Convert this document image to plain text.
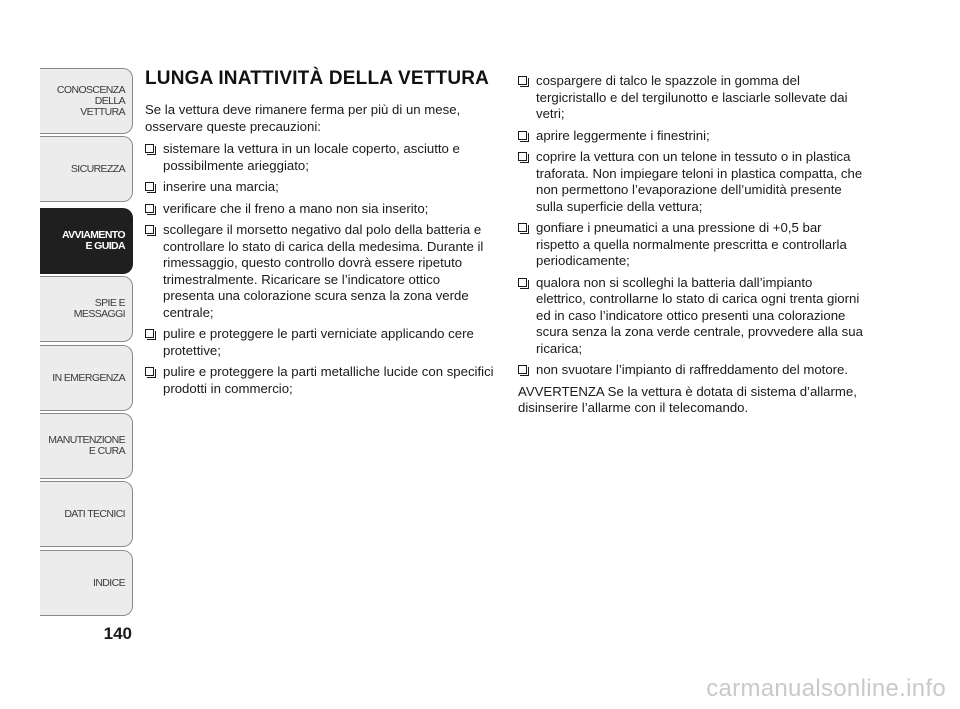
CONOSCENZA
DELLA
VETTURA
SICUREZZA
AVVIAMENTO
E GUIDA
SPIE E
MESSAGGI
IN EMERGENZA
MANUTENZIONE
E CURA
DATI TECNICI
INDICE
140
LUNGA INATTIVITÀ DELLA VETTURA

Se la vettura deve rimanere ferma per più di un mese, osservare queste precauzioni:

sistemare la vettura in un locale coperto, asciutto e possibilmente arieggiato;
inserire una marcia;
verificare che il freno a mano non sia inserito;
scollegare il morsetto negativo dal polo della batteria e controllare lo stato di carica della medesima. Durante il rimessaggio, questo controllo dovrà essere ripetuto trimestralmente. Ricaricare se l’indicatore ottico presenta una colorazione scura senza la zona verde centrale;
pulire e proteggere le parti verniciate applicando cere protettive;
pulire e proteggere la parti metalliche lucide con specifici prodotti in commercio;
cospargere di talco le spazzole in gomma del tergicristallo e del tergilunotto e lasciarle sollevate dai vetri;
aprire leggermente i finestrini;
coprire la vettura con un telone in tessuto o in plastica traforata. Non impiegare teloni in plastica compatta, che non permettono l’evaporazione dell’umidità presente sulla superficie della vettura;
gonfiare i pneumatici a una pressione di +0,5 bar rispetto a quella normalmente prescritta e controllarla periodicamente;
qualora non si scolleghi la batteria dall’impianto elettrico, controllarne lo stato di carica ogni trenta giorni ed in caso l’indicatore ottico presenti una colorazione scura senza la zona verde centrale, provvedere alla sua ricarica;
non svuotare l’impianto di raffreddamento del motore.

AVVERTENZA Se la vettura è dotata di sistema d’allarme, disinserire l’allarme con il telecomando.

carmanualsonline.info
